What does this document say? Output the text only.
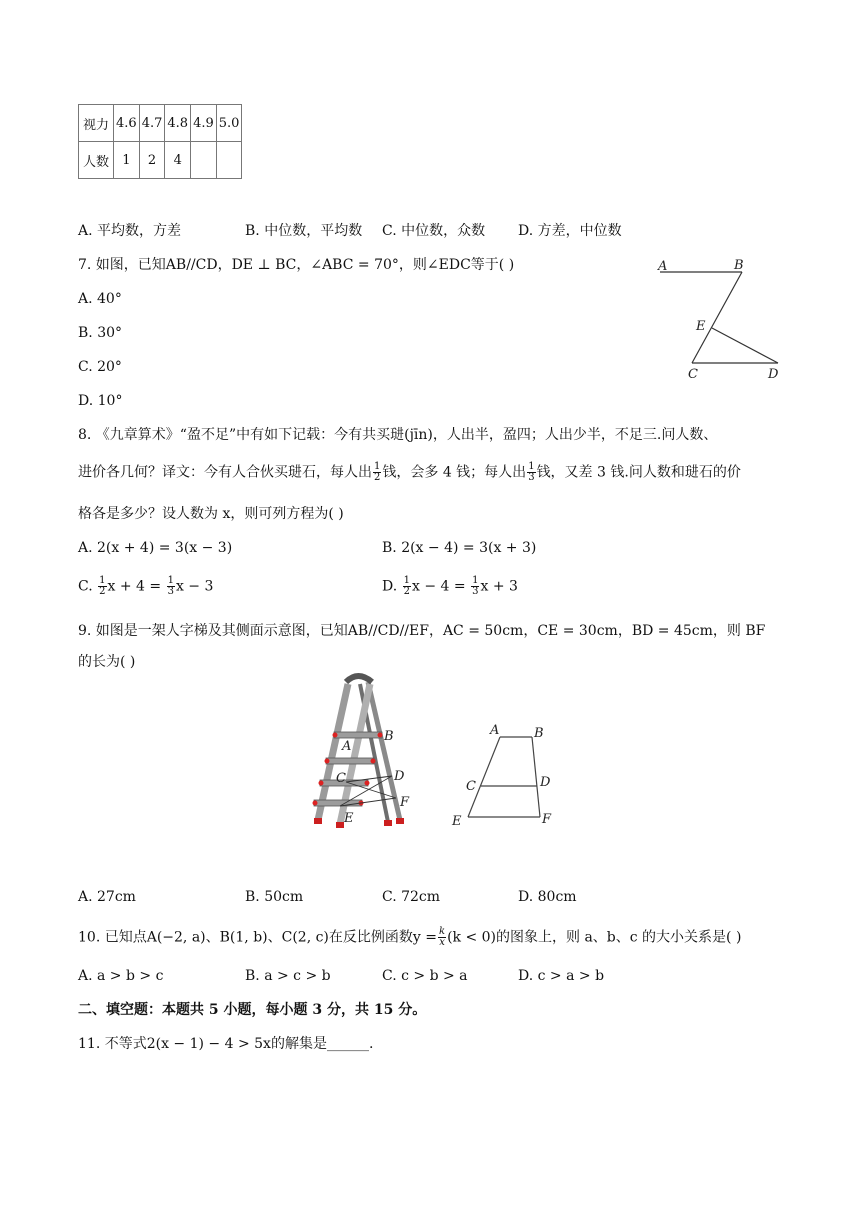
视力	4.6	4.7	4.8	4.9	5.0
人数	1	2	4		
A. 平均数，方差	B. 中位数，平均数 C. 中位数，众数 D. 方差，中位数
7. 如图，已知AB//CD，DE ⊥ BC，∠ABC = 70°，则∠EDC等于( )
A. 40°
B. 30°
C. 20°
D. 10°
A	B
E
C	D
8. 《九章算术》“盈不足”中有如下记载：今有共买琎(jīn)，人出半，盈四；人出少半，不足三.问人数、
进价各几何？译文：今有人合伙买琎石，每人出 $\frac{1}{2}$ 钱，会多 4 钱；每人出 $\frac{1}{3}$ 钱，又差 3 钱.问人数和琎石的价
格各是多少？设人数为 x，则可列方程为( )
A. 2(x + 4) = 3(x − 3)	B. 2(x − 4) = 3(x + 3)
C. $\frac{1}{2}$ $x + 4 = \frac{1}{3}$ x − 3	D. $\frac{1}{2}$ $x - 4 = \frac{1}{3}$ x + 3
9. 如图是一架人字梯及其侧面示意图，已知AB//CD//EF，AC = 50cm，CE = 30cm，BD = 45cm，则 BF
的长为( )
A
B
C	D
E
F
A	B
C	D
E	F
A. 27cm	B. 50cm	C. 72cm	D. 80cm
10. 已知点A(−2, a)、B(1, b)、C(2, c)在反比例函数$y = \frac{k}{x} (k < 0)$的图象上，则 a、b、c 的大小关系是( )
A. a > b > c	B. a > c > b	C. c > b > a	D. c > a > b
二、填空题：本题共 5 小题，每小题 3 分，共 15 分。
11. 不等式2(x − 1) − 4 > 5x的解集是______.
